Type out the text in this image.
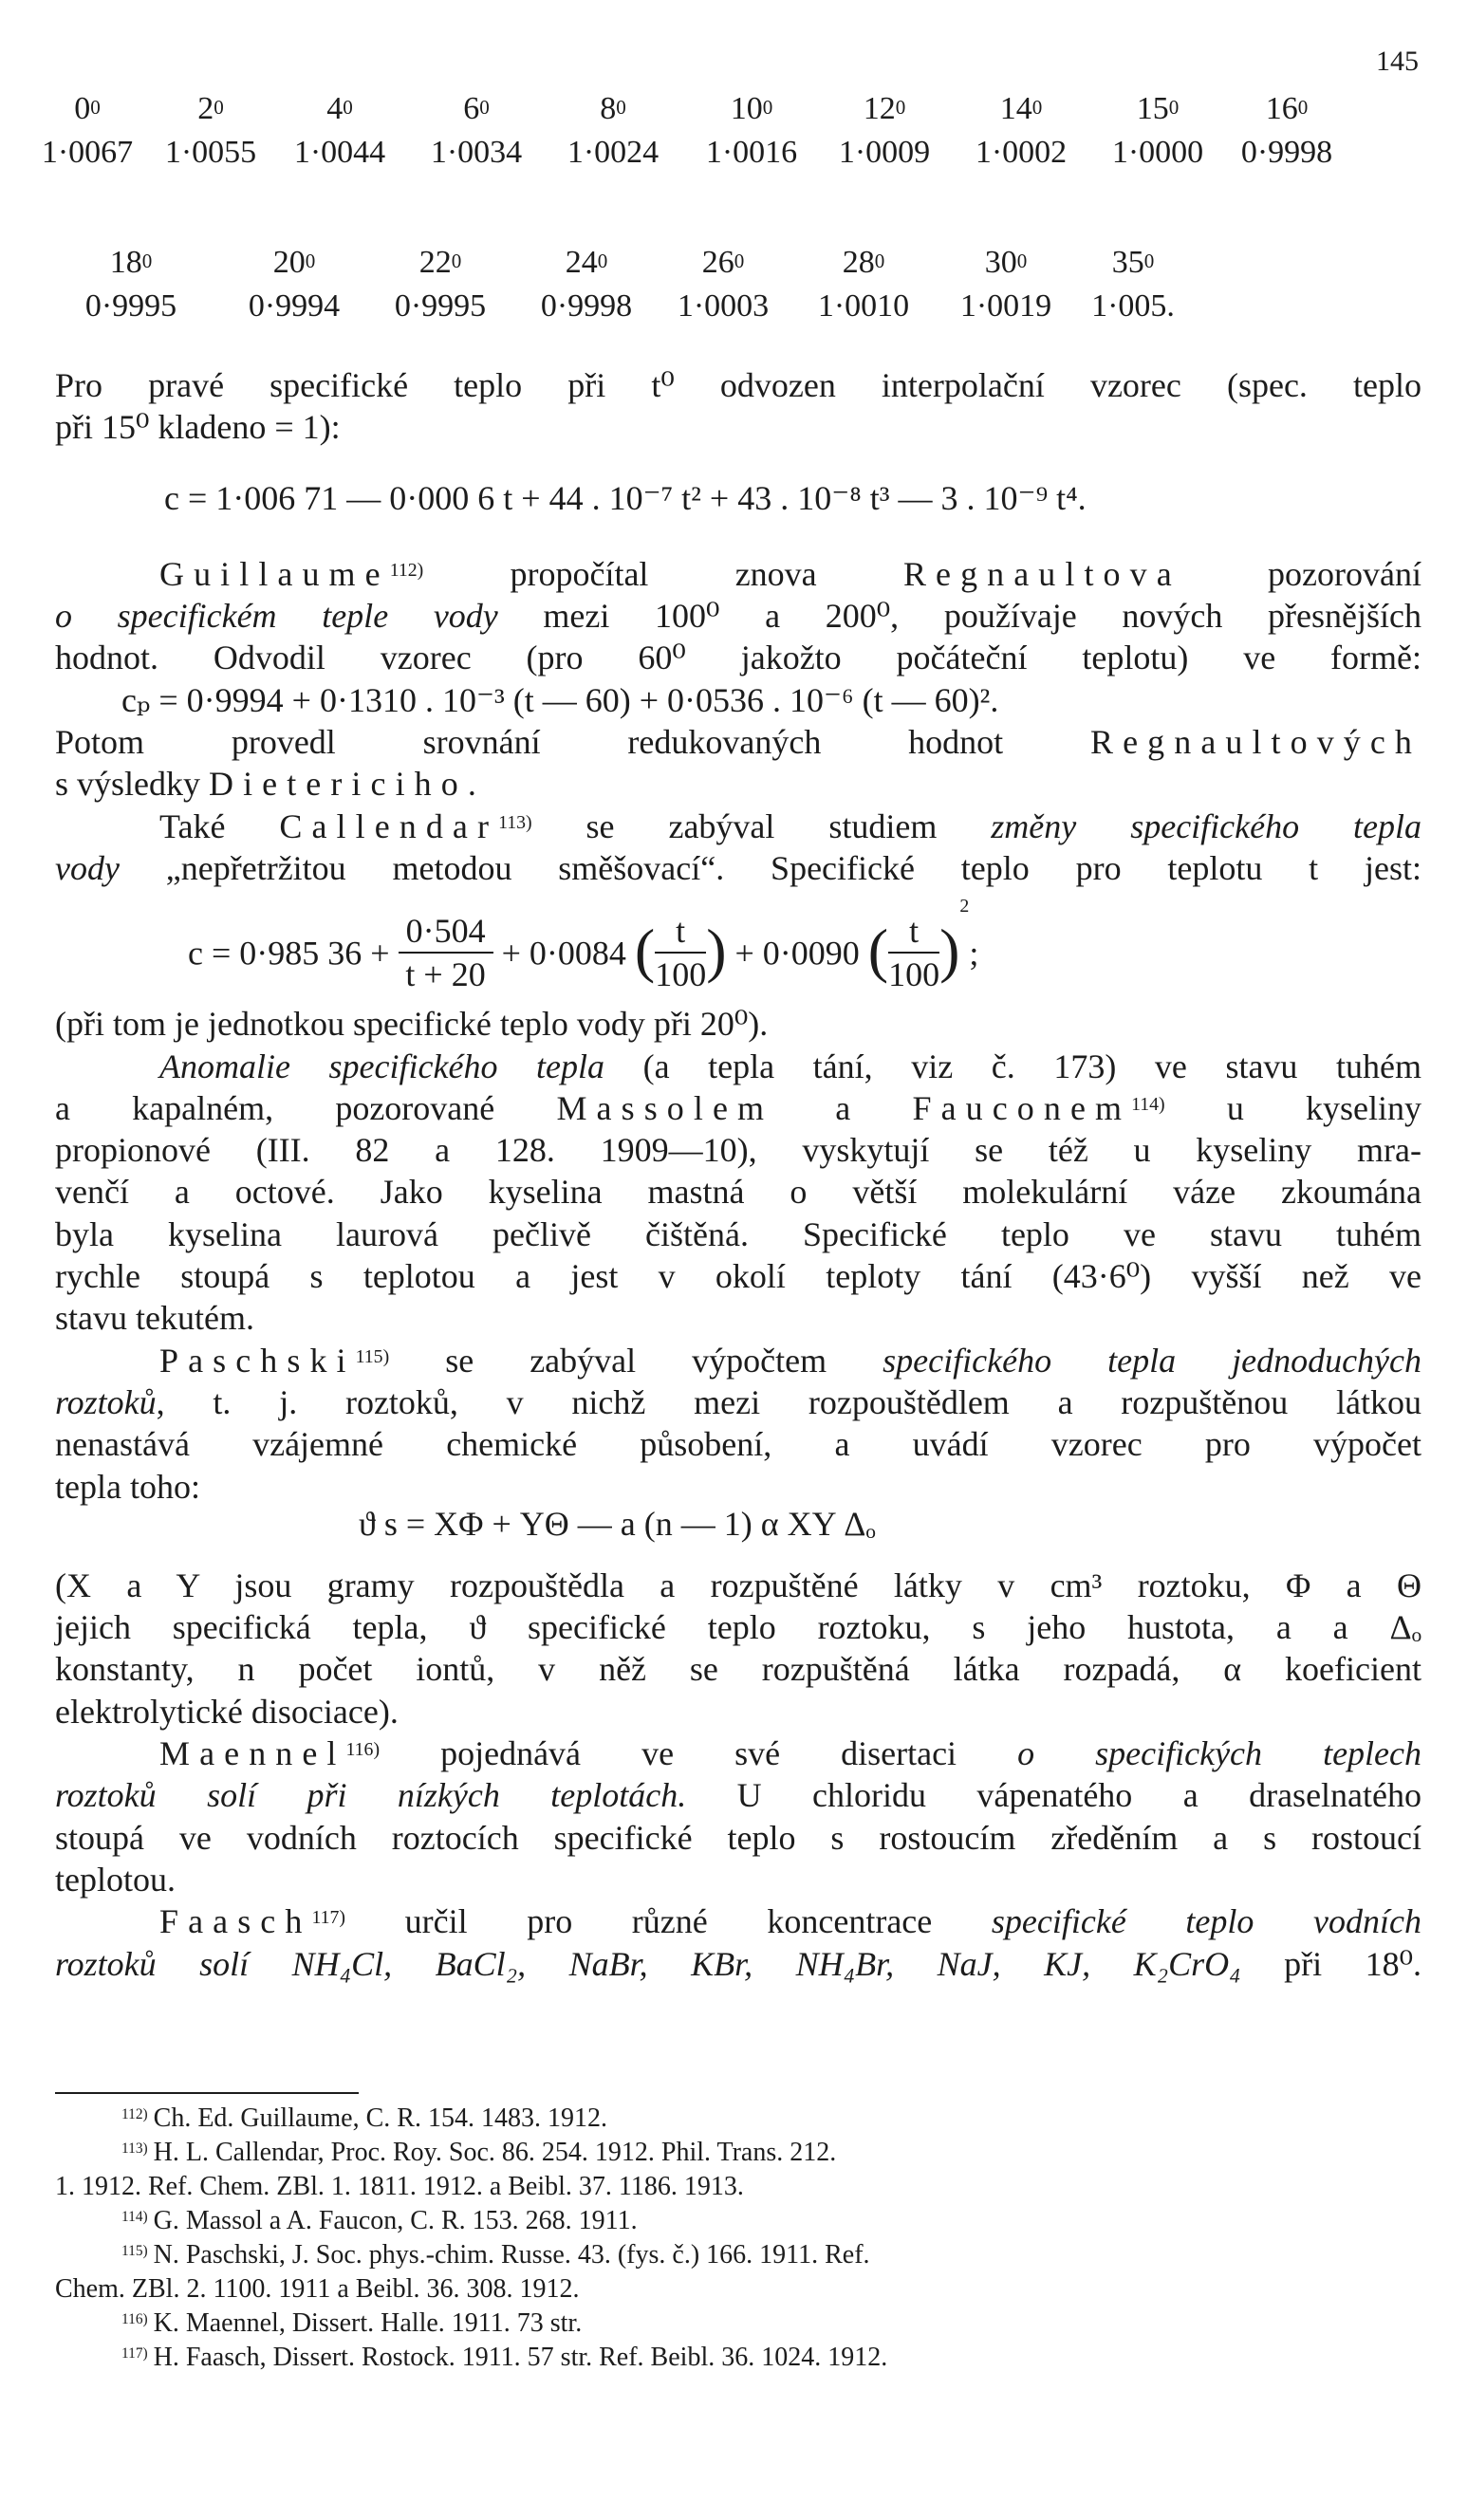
145
$0^0$	$2^0$	$4^0$	$6^0$	$8^0$	$10^0$	$12^0$	$14^0$	$15^0$	$16^0$
1·0067 1·0055 1·0044 1·0034 1·0024 1·0016 1·0009 1·0002 1·0000 0·9998
$18^0$	$20^0$	$22^0$	$24^0$	$26^0$	$28^0$	$30^0$	$35^0$
0·9995 0·9994 0·9995 0·9998 1·0003 1·0010 1·0019 1·005.
Pro pravé specifické teplo při t⁰ odvozen interpolační vzorec (spec. teplo
při 15⁰ kladeno = 1):
c = 1·006 71 — 0·000 6 t + 44 . 10⁻⁷ t² + 43 . 10⁻⁸ t³ — 3 . 10⁻⁹ t⁴.
Guillaume$^{112)}$ propočítal znova	Regnaultova pozorování
o specifickém teple vody mezi 100⁰ a 200⁰, používaje nových přesnějších
hodnot. Odvodil vzorec (pro 60⁰ jakožto počáteční teplotu) ve formě:
cₚ = 0·9994 + 0·1310 . 10⁻³ (t — 60) + 0·0536 . 10⁻⁶ (t — 60)².
Potom provedl srovnání redukovaných hodnot	Regnaultových
s výsledky Dietericiho.
Také Callendar$^{113)}$ se zabýval studiem změny specifického tepla
vody „nepřetržitou metodou směšovací“. Specifické teplo pro teplotu t jest:
c = 0·985 $36 + \frac{0\cdot 504}{t + 20} + 0\cdot 0084$ ( $\frac{t}{100}$ ) + 0·0090 ( $\frac{t}{100} )^2$;
(při tom je jednotkou specifické teplo vody při 20⁰).
Anomalie specifického tepla (a tepla tání, viz č. 173) ve stavu tuhém
a kapalném, pozorované Massolem a Fauconem$^{114)}$ u kyseliny
propionové (III. 82 a 128. 1909—10), vyskytují se též u kyseliny mra-
venčí a octové. Jako kyselina mastná o větší molekulární váze zkoumána
byla kyselina laurová pečlivě čištěná. Specifické teplo ve stavu tuhém
rychle stoupá s teplotou a jest v okolí teploty tání (43·6⁰) vyšší než ve
stavu tekutém.
Paschski$^{115)}$ se zabýval výpočtem specifického tepla jednoduchých
roztoků, t. j. roztoků, v nichž mezi rozpouštědlem a rozpuštěnou látkou
nenastává vzájemné chemické působení, a uvádí vzorec pro výpočet
tepla toho:
ϑ s = XΦ + YΘ — a (n — 1) α XY Δₒ
(X a Y jsou gramy rozpouštědla a rozpuštěné látky v cm³ roztoku, Φ a Θ
jejich specifická tepla, ϑ specifické teplo roztoku, s jeho hustota, a a Δₒ
konstanty, n počet iontů, v něž se rozpuštěná látka rozpadá, α koeficient
elektrolytické disociace).
Maennel$^{116)}$ pojednává ve své disertaci o specifických teplech
roztoků solí při nízkých teplotách. U chloridu vápenatého a draselnatého
stoupá ve vodních roztocích specifické teplo s rostoucím zředěním a s rostoucí
teplotou.
Faasch$^{117)}$ určil pro různé koncentrace specifické teplo vodních
roztoků solí NH₄Cl, BaCl₂, NaBr, KBr, NH₄Br, NaJ, KJ, K₂CrO₄ při 18⁰.
$^{112)}$ Ch. Ed. Guillaume, C. R. 154. 1483. 1912.
$^{113)}$ H. L. Callendar, Proc. Roy. Soc. 86. 254. 1912. Phil. Trans. 212.
1. 1912. Ref. Chem. ZBl. 1. 1811. 1912. a Beibl. 37. 1186. 1913.
$^{114)}$ G. Massol a A. Faucon, C. R. 153. 268. 1911.
$^{115)}$ N. Paschski, J. Soc. phys.-chim. Russe. 43. (fys. č.) 166. 1911. Ref.
Chem. ZBl. 2. 1100. 1911 a Beibl. 36. 308. 1912.
$^{116)}$ K. Maennel, Dissert. Halle. 1911. 73 str.
$^{117)}$ H. Faasch, Dissert. Rostock. 1911. 57 str. Ref. Beibl. 36. 1024. 1912.
